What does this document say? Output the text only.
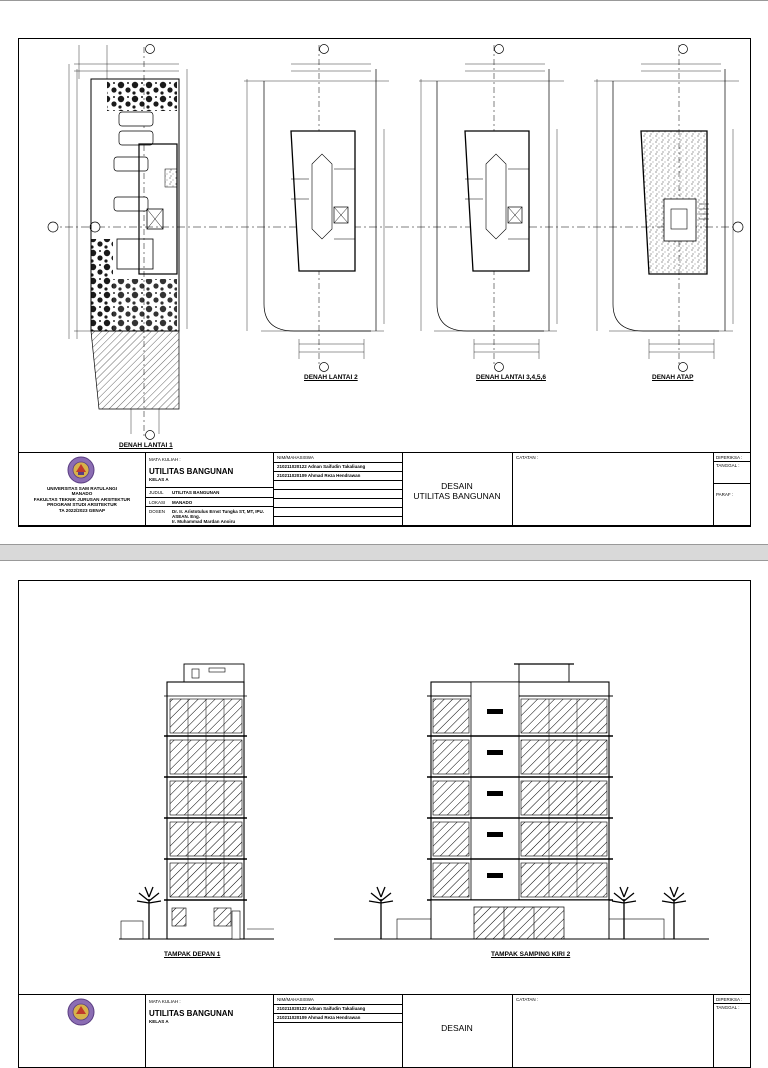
DENAH LANTAI 1
DENAH LANTAI 2	DENAH LANTAI 3,4,5,6	DENAH ATAP
UNIVERSITAS SAM RATULANGI
MANADO
FAKULTAS TEKNIK JURUSAN ARSITEKTUR
PROGRAM STUDI ARSITEKTUR
TA 2022/2023 GENAP
MATA KULIAH :
UTILITAS BANGUNAN
KELAS A
JUDUL UTILITAS BANGUNAN
LOKASI MANADO
DOSEN Dr. Ir. Aristotulus Ernst Tungka ST, MT, IPU.
ASEAN. Eng.
Ir. Muhammad Mardan Anoiru
NIM/MAHASISWA
210211020122 Adnan Saifudin Takaliuang
210211020109 Ahmad Reza Hendrawan
DESAIN
UTILITAS BANGUNAN
CATATAN :	DIPERIKSA :
TANGGAL :
PARAF :
TAMPAK DEPAN 1	TAMPAK SAMPING KIRI 2
MATA KULIAH :
UTILITAS BANGUNAN
KELAS A
NIM/MAHASISWA
210211020122 Adnan Saifudin Takaliuang
210211020109 Ahmad Reza Hendrawan
DESAIN
CATATAN :	DIPERIKSA :
TANGGAL :
